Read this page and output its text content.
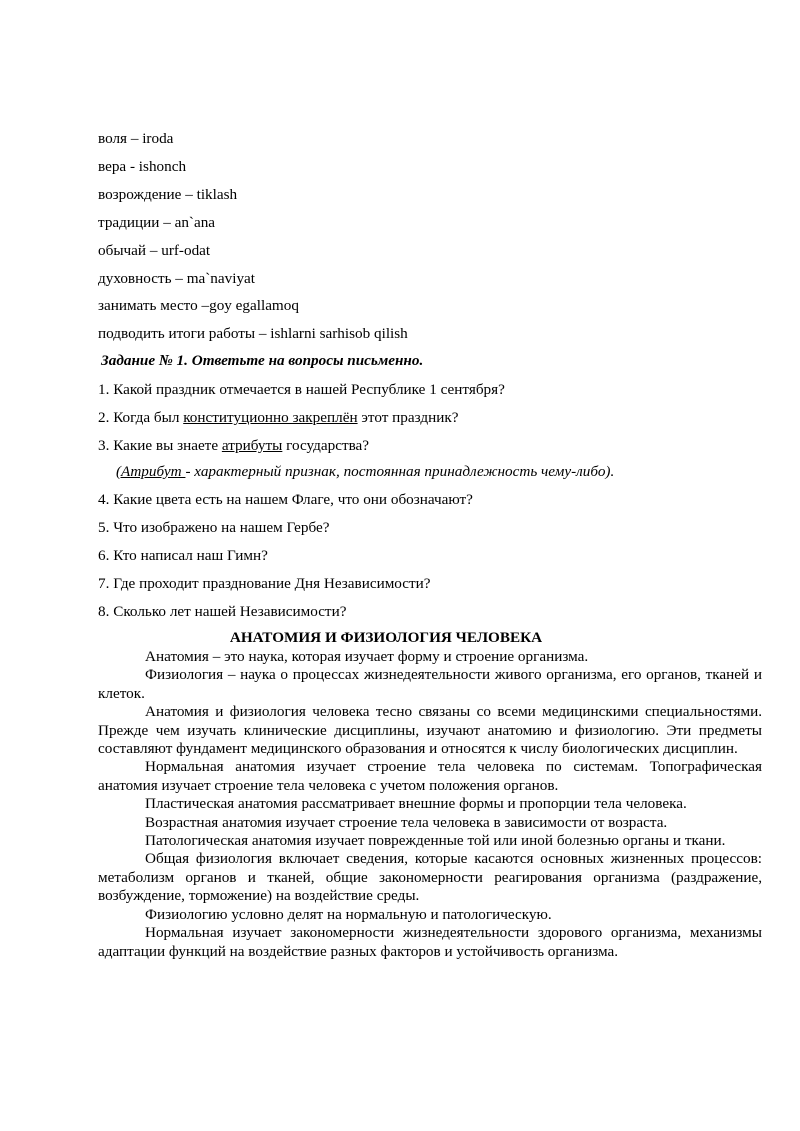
воля – iroda

вера - ishonch

возрождение – tiklash

традиции – an`ana

обычай – urf-odat

духовность – ma`naviyat

занимать место –goy egallamoq

подводить итоги работы – ishlarni sarhisob qilish

Задание № 1. Ответьте на вопросы письменно.

1. Какой праздник отмечается в нашей Республике 1 сентября?

2. Когда был конституционно закреплён этот праздник?

3. Какие вы знаете атрибуты государства?

(Атрибут - характерный признак, постоянная принадлежность чему-либо).

4. Какие цвета есть на нашем Флаге, что они обозначают?

5. Что изображено на нашем Гербе?

6. Кто написал наш Гимн?

7. Где проходит празднование Дня Независимости?

8. Сколько лет нашей Независимости?

АНАТОМИЯ И ФИЗИОЛОГИЯ ЧЕЛОВЕКА

Анатомия – это наука, которая изучает форму и строение организма.

Физиология – наука о процессах жизнедеятельности живого организма, его органов, тканей и клеток.

Анатомия и физиология человека тесно связаны со всеми медицинскими специальностями. Прежде чем изучать клинические дисциплины, изучают анатомию и физиологию. Эти предметы составляют фундамент медицинского образования и относятся к числу биологических дисциплин.

Нормальная анатомия изучает строение тела человека по системам. Топографическая анатомия изучает строение тела человека с учетом положения органов.

Пластическая анатомия рассматривает внешние формы и пропорции тела человека.

Возрастная анатомия изучает строение тела человека в зависимости от возраста.

Патологическая анатомия изучает поврежденные той или иной болезнью органы и ткани.

Общая физиология включает сведения, которые касаются основных жизненных процессов: метаболизм органов и тканей, общие закономерности реагирования организма (раздражение, возбуждение, торможение) на воздействие среды.

Физиологию условно делят на нормальную и патологическую.

Нормальная изучает закономерности жизнедеятельности здорового организма, механизмы адаптации функций на воздействие разных факторов и устойчивость организма.
